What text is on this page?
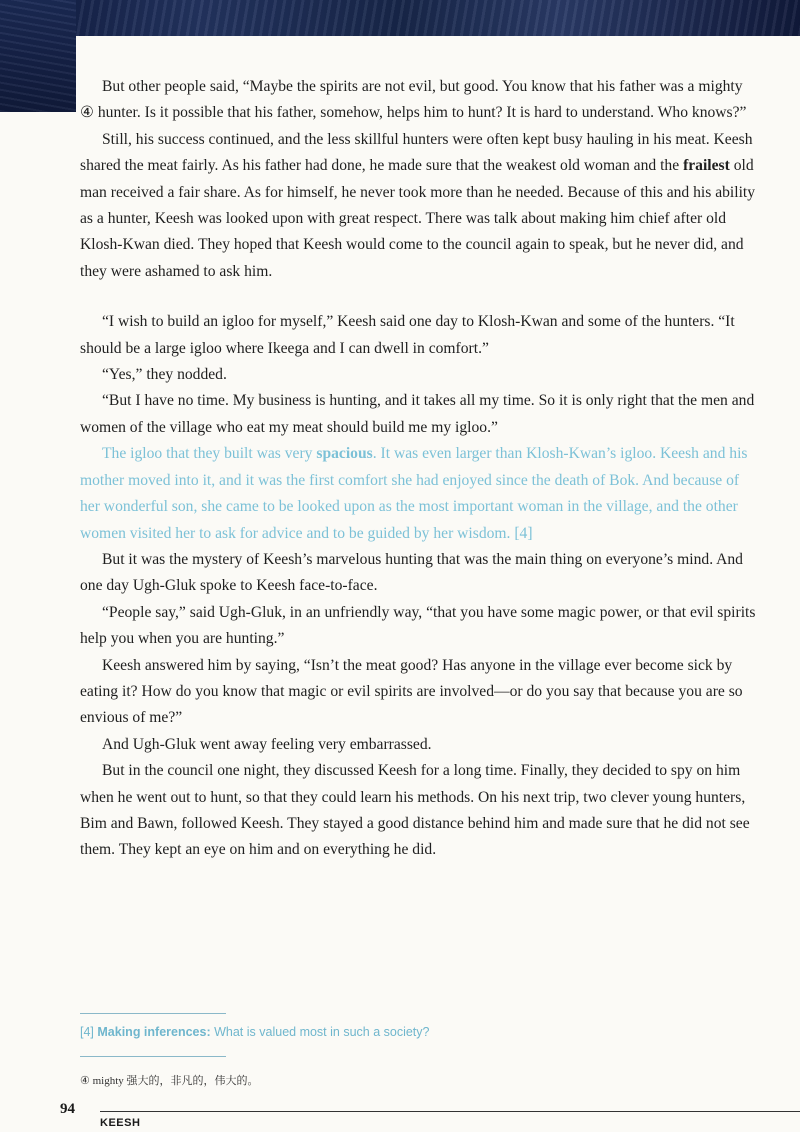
But other people said, “Maybe the spirits are not evil, but good. You know that his father was a mighty ④ hunter. Is it possible that his father, somehow, helps him to hunt? It is hard to understand. Who knows?”

Still, his success continued, and the less skillful hunters were often kept busy hauling in his meat. Keesh shared the meat fairly. As his father had done, he made sure that the weakest old woman and the frailest old man received a fair share. As for himself, he never took more than he needed. Because of this and his ability as a hunter, Keesh was looked upon with great respect. There was talk about making him chief after old Klosh-Kwan died. They hoped that Keesh would come to the council again to speak, but he never did, and they were ashamed to ask him.

“I wish to build an igloo for myself,” Keesh said one day to Klosh-Kwan and some of the hunters. “It should be a large igloo where Ikeega and I can dwell in comfort.”

“Yes,” they nodded.

“But I have no time. My business is hunting, and it takes all my time. So it is only right that the men and women of the village who eat my meat should build me my igloo.”

The igloo that they built was very spacious. It was even larger than Klosh-Kwan’s igloo. Keesh and his mother moved into it, and it was the first comfort she had enjoyed since the death of Bok. And because of her wonderful son, she came to be looked upon as the most important woman in the village, and the other women visited her to ask for advice and to be guided by her wisdom. [4]

But it was the mystery of Keesh’s marvelous hunting that was the main thing on everyone’s mind. And one day Ugh-Gluk spoke to Keesh face-to-face.

“People say,” said Ugh-Gluk, in an unfriendly way, “that you have some magic power, or that evil spirits help you when you are hunting.”

Keesh answered him by saying, “Isn’t the meat good? Has anyone in the village ever become sick by eating it? How do you know that magic or evil spirits are involved—or do you say that because you are so envious of me?”

And Ugh-Gluk went away feeling very embarrassed.

But in the council one night, they discussed Keesh for a long time. Finally, they decided to spy on him when he went out to hunt, so that they could learn his methods. On his next trip, two clever young hunters, Bim and Bawn, followed Keesh. They stayed a good distance behind him and made sure that he did not see them. They kept an eye on him and on everything he did.

[4] Making inferences: What is valued most in such a society?
④ mighty 强大的，非凡的，伟大的。
94
KEESH
